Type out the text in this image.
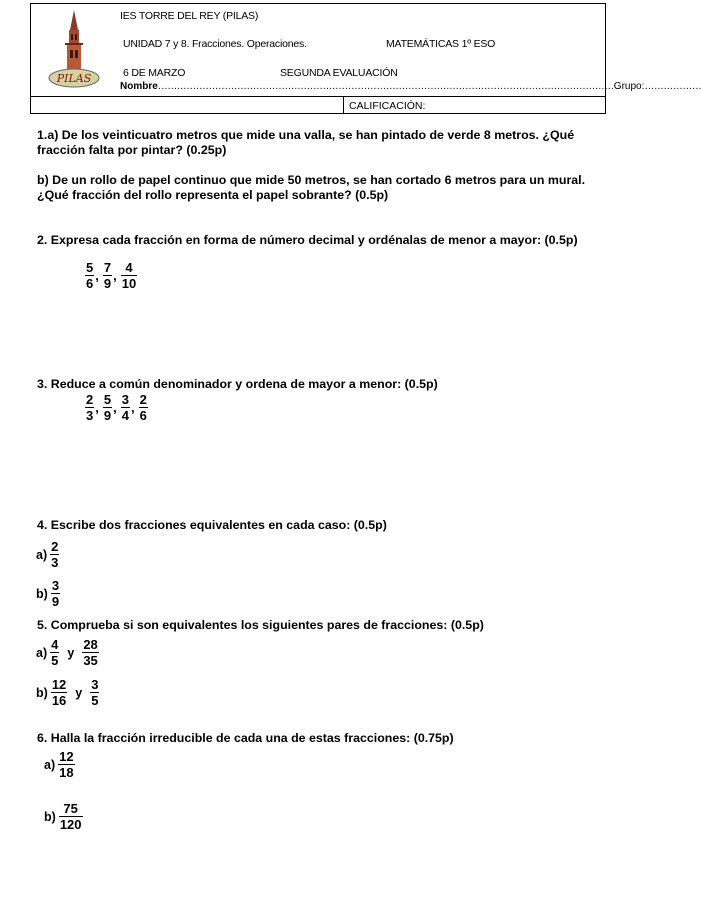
PILAS
IES TORRE DEL REY (PILAS)
UNIDAD 7 y 8. Fracciones. Operaciones.	MATEMÁTICAS 1º ESO
6 DE MARZO	SEGUNDA EVALUACIÓN
Nombre………………………………………………………………………………………………………………………………Grupo:………………
CALIFICACIÓN:
1.a) De los veinticuatro metros que mide una valla, se han pintado de verde 8 metros. ¿Qué fracción falta por pintar? (0.25p)
b) De un rollo de papel continuo que mide 50 metros, se han cortado 6 metros para un mural. ¿Qué fracción del rollo representa el papel sobrante? (0.5p)
2. Expresa cada fracción en forma de número decimal y ordénalas de menor a mayor: (0.5p)
$\frac{5}{6}$ , $\frac{7}{9}$ , $\frac{4}{10}$
3. Reduce a común denominador y ordena de mayor a menor: (0.5p)
$\frac{2}{3}$ , $\frac{5}{9}$ , $\frac{3}{4}$ , $\frac{2}{6}$
4. Escribe dos fracciones equivalentes en cada caso: (0.5p)
$a) \frac{2}{3}$
$b) \frac{3}{9}$
5. Comprueba si son equivalentes los siguientes pares de fracciones: (0.5p)
$a) \frac{4}{5}$ y $\frac{28}{35}$
$b) \frac{12}{16}$ y $\frac{3}{5}$
6. Halla la fracción irreducible de cada una de estas fracciones: (0.75p)
$a) \frac{12}{18}$
$b) \frac{75}{120}$
